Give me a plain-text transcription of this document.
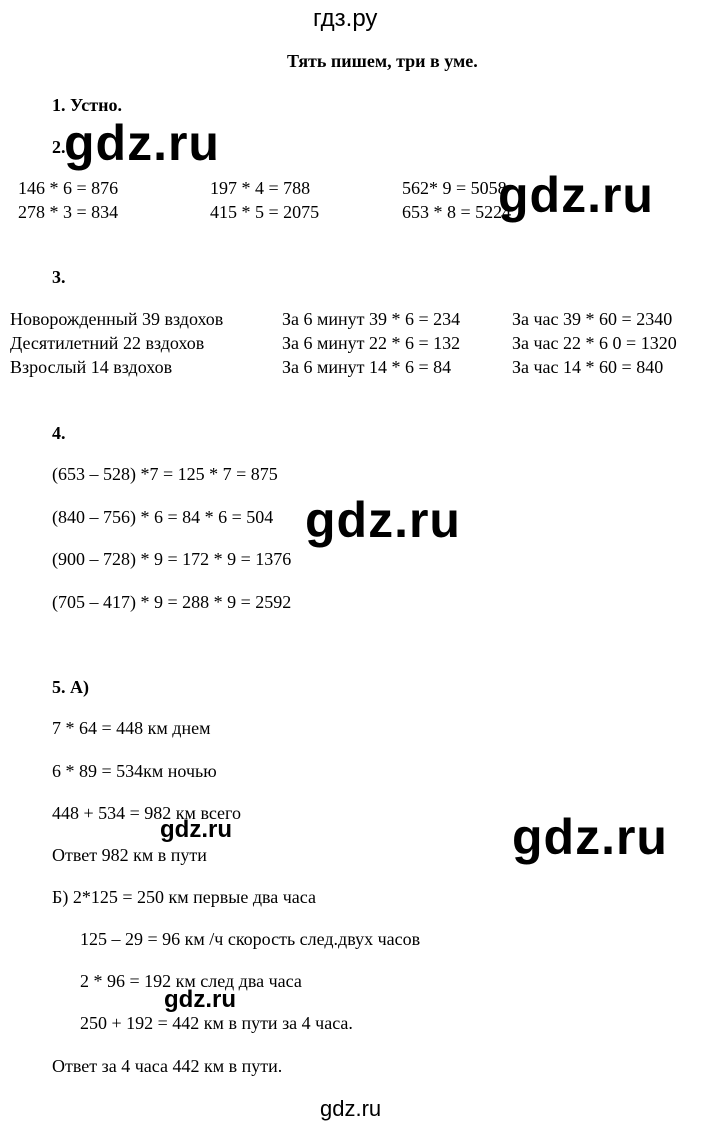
гдз.ру
Тять пишем, три в уме.
1. Устно.
2.
gdz.ru
146 * 6 = 876	197 * 4 = 788	562* 9 = 5058
278 * 3 = 834	415 * 5 = 2075	653 * 8 = 5224
gdz.ru
3.
Новорожденный 39 вздохов	За 6 минут 39 * 6 = 234	За час 39 * 60 = 2340
Десятилетний 22 вздохов	За 6 минут 22 * 6 = 132	За час 22 * 6 0 = 1320
Взрослый 14 вздохов	За 6 минут 14 * 6 = 84	За час 14 * 60 = 840
4.
(653 – 528) *7 = 125 * 7 = 875
(840 – 756) * 6 = 84 * 6 = 504 gdz.ru
(900 – 728) * 9 = 172 * 9 = 1376
(705 – 417) * 9 = 288 * 9 = 2592
5. А)
7 * 64 = 448 км днем
6 * 89 = 534км ночью
448 + 534 = 982 км всего
gdz.ru
Ответ 982 км в пути	gdz.ru
Б) 2*125 = 250 км первые два часа
125 – 29 = 96 км /ч скорость след.двух часов
2 * 96 = 192 км след два часа
gdz.ru
250 + 192 = 442 км в пути за 4 часа.
Ответ за 4 часа 442 км в пути.
gdz.ru
